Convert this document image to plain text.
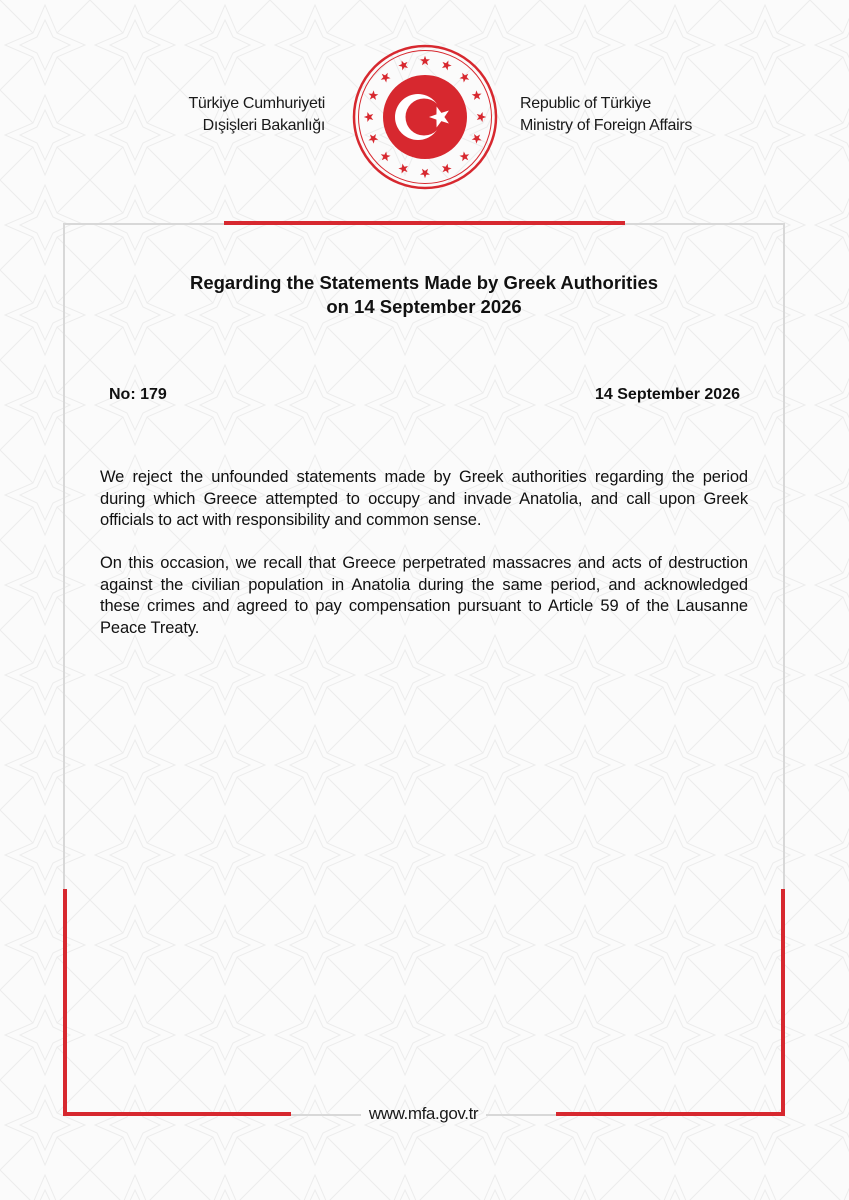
Türkiye Cumhuriyeti
Dışişleri Bakanlığı
Republic of Türkiye
Ministry of Foreign Affairs
Regarding the Statements Made by Greek Authorities
on 14 September 2026
No: 179	14 September 2026

We reject the unfounded statements made by Greek authorities regarding the period during which Greece attempted to occupy and invade Anatolia, and call upon Greek officials to act with responsibility and common sense.

On this occasion, we recall that Greece perpetrated massacres and acts of destruction against the civilian population in Anatolia during the same period, and acknowledged these crimes and agreed to pay compensation pursuant to Article 59 of the Lausanne Peace Treaty.

www.mfa.gov.tr
